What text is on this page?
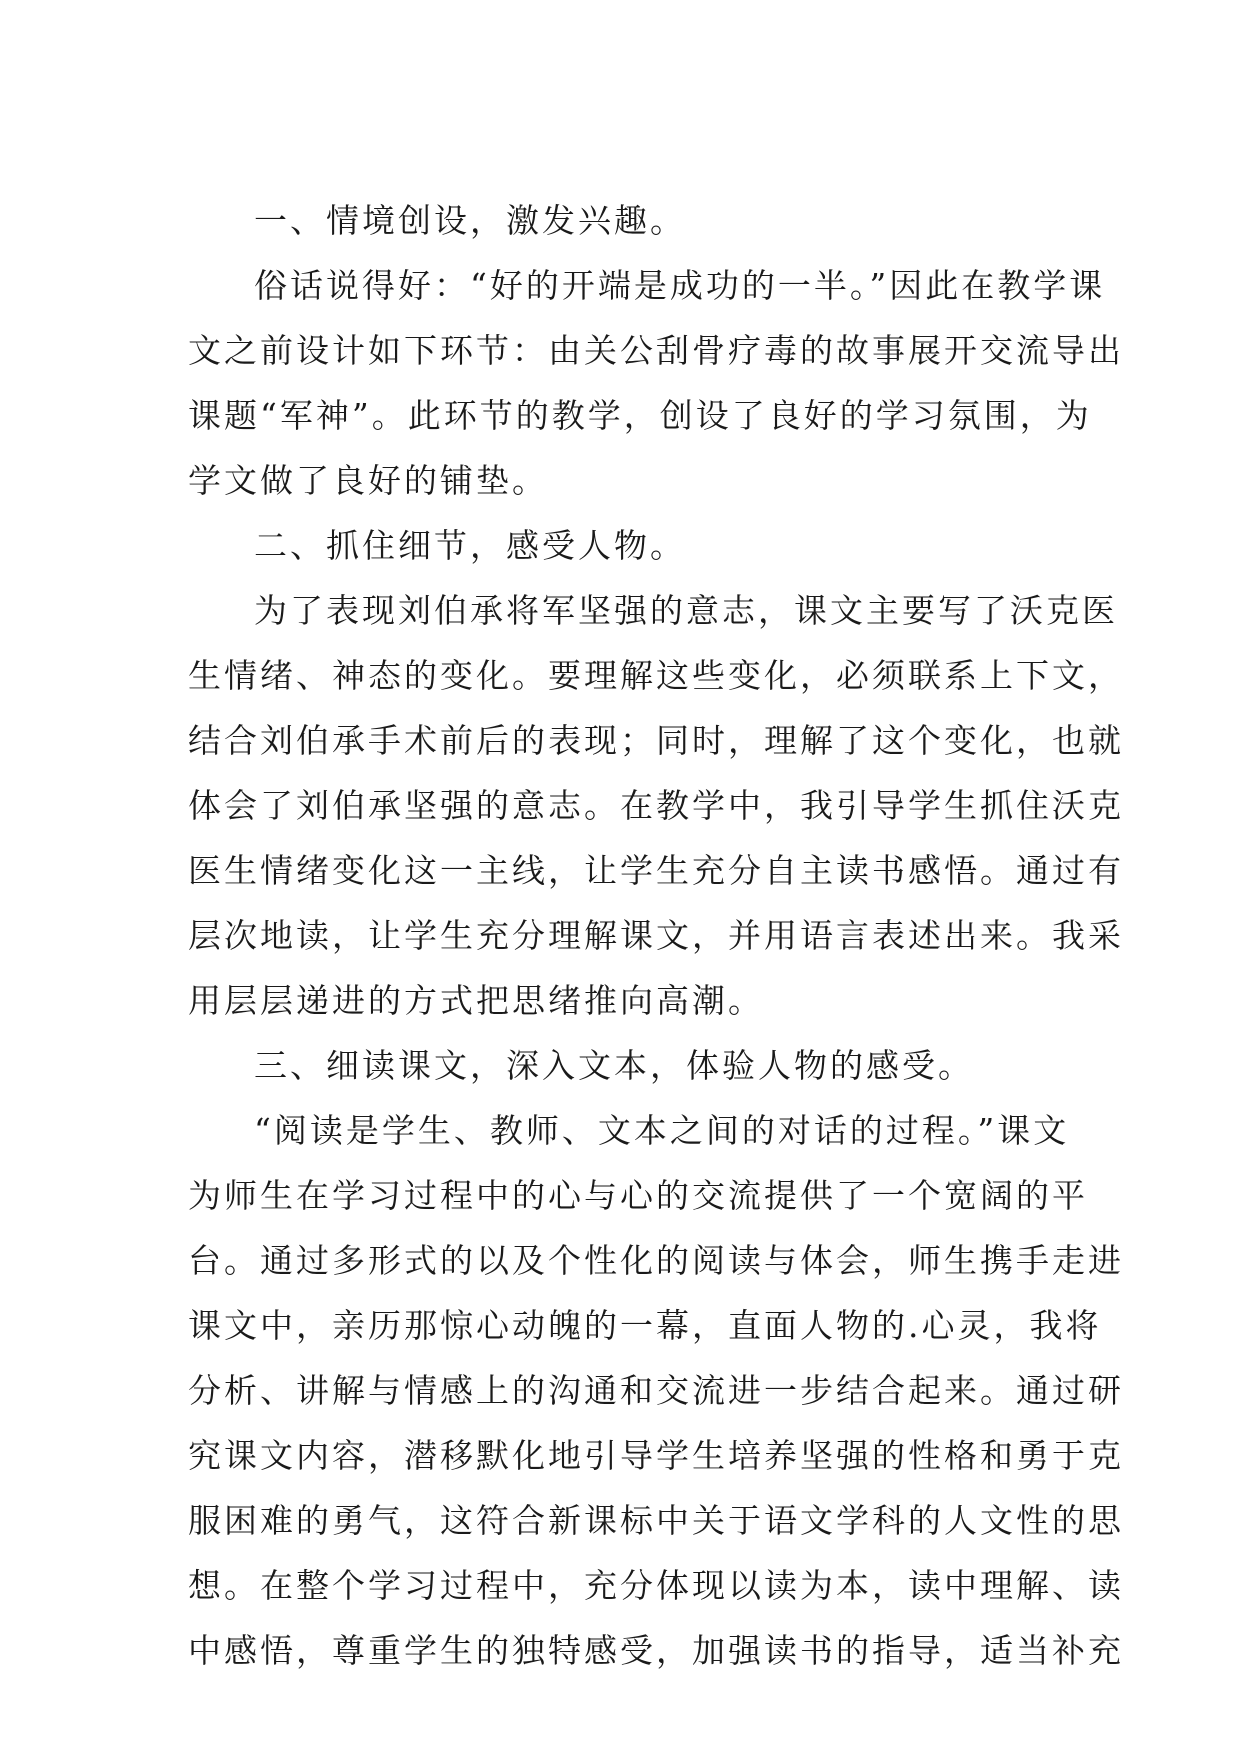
一、情境创设，激发兴趣。
俗话说得好：“好的开端是成功的一半。”因此在教学课
文之前设计如下环节：由关公刮骨疗毒的故事展开交流导出
课题“军神”。此环节的教学，创设了良好的学习氛围，为
学文做了良好的铺垫。
二、抓住细节，感受人物。
为了表现刘伯承将军坚强的意志，课文主要写了沃克医
生情绪、神态的变化。要理解这些变化，必须联系上下文，
结合刘伯承手术前后的表现；同时，理解了这个变化，也就
体会了刘伯承坚强的意志。在教学中，我引导学生抓住沃克
医生情绪变化这一主线，让学生充分自主读书感悟。通过有
层次地读，让学生充分理解课文，并用语言表述出来。我采
用层层递进的方式把思绪推向高潮。
三、细读课文，深入文本，体验人物的感受。
“阅读是学生、教师、文本之间的对话的过程。”课文
为师生在学习过程中的心与心的交流提供了一个宽阔的平
台。通过多形式的以及个性化的阅读与体会，师生携手走进
课文中，亲历那惊心动魄的一幕，直面人物的.心灵，我将
分析、讲解与情感上的沟通和交流进一步结合起来。通过研
究课文内容，潜移默化地引导学生培养坚强的性格和勇于克
服困难的勇气，这符合新课标中关于语文学科的人文性的思
想。在整个学习过程中，充分体现以读为本，读中理解、读
中感悟，尊重学生的独特感受，加强读书的指导，适当补充
